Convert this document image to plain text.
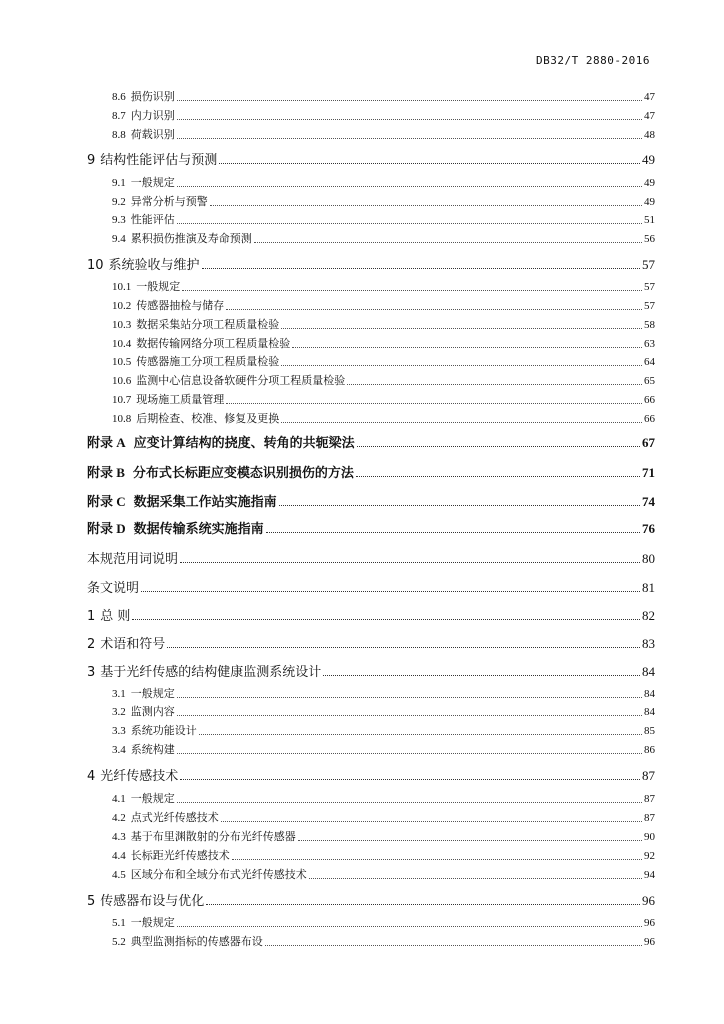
DB32/T 2880-2016
8.6 损伤识别	47
8.7 内力识别	47
8.8 荷载识别	48
9 结构性能评估与预测	49
9.1 一般规定	49
9.2 异常分析与预警	49
9.3 性能评估	51
9.4 累积损伤推演及寿命预测	56
10 系统验收与维护	57
10.1 一般规定	57
10.2 传感器抽检与储存	57
10.3 数据采集站分项工程质量检验	58
10.4 数据传输网络分项工程质量检验	63
10.5 传感器施工分项工程质量检验	64
10.6 监测中心信息设备软硬件分项工程质量检验	65
10.7 现场施工质量管理	66
10.8 后期检查、校准、修复及更换	66
附录 A 应变计算结构的挠度、转角的共轭梁法	67
附录 B 分布式长标距应变模态识别损伤的方法	71
附录 C 数据采集工作站实施指南	74
附录 D 数据传输系统实施指南	76
本规范用词说明	80
条文说明	81
1 总 则	82
2 术语和符号	83
3 基于光纤传感的结构健康监测系统设计	84
3.1 一般规定	84
3.2 监测内容	84
3.3 系统功能设计	85
3.4 系统构建	86
4 光纤传感技术	87
4.1 一般规定	87
4.2 点式光纤传感技术	87
4.3 基于布里渊散射的分布光纤传感器	90
4.4 长标距光纤传感技术	92
4.5 区域分布和全域分布式光纤传感技术	94
5 传感器布设与优化	96
5.1 一般规定	96
5.2 典型监测指标的传感器布设	96
